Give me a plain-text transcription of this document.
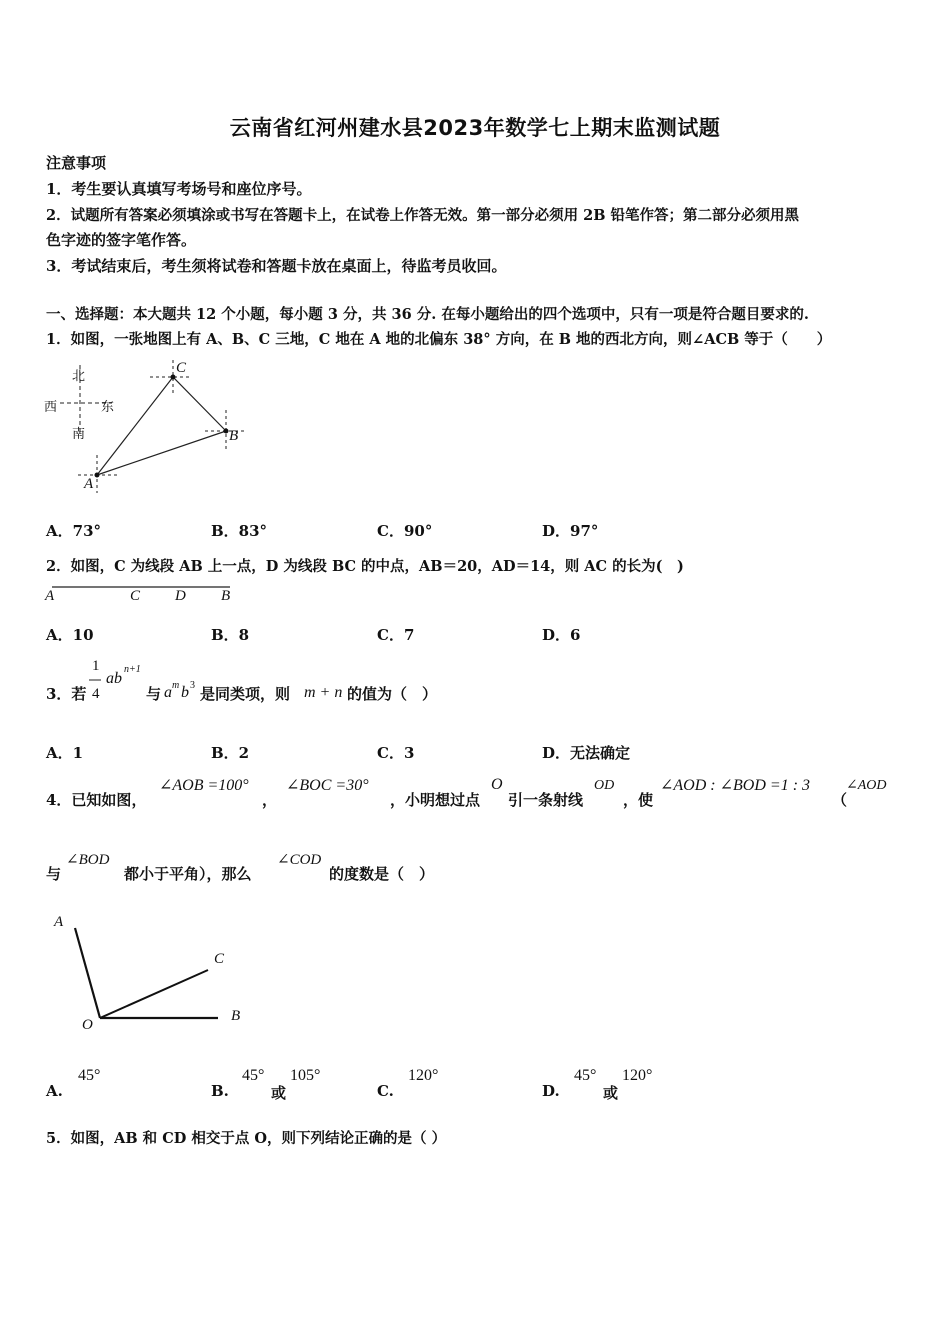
云南省红河州建水县2023年数学七上期末监测试题
注意事项
1．考生要认真填写考场号和座位序号。
2．试题所有答案必须填涂或书写在答题卡上，在试卷上作答无效。第一部分必须用 2B 铅笔作答；第二部分必须用黑
色字迹的签字笔作答。
3．考试结束后，考生须将试卷和答题卡放在桌面上，待监考员收回。
一、选择题：本大题共 12 个小题，每小题 3 分，共 36 分. 在每小题给出的四个选项中，只有一项是符合题目要求的.
1．如图，一张地图上有 A、B、C 三地，C 地在 A 地的北偏东 38° 方向，在 B 地的西北方向，则∠ACB 等于（　　）
北
南
西	东
C
B
A
A．73°	B．83°	C．90°	D．97°
2．如图，C 为线段 AB 上一点，D 为线段 BC 的中点，AB＝20，AD＝14，则 AC 的长为(　)
A	C D B
A．10	B．8	C．7	D．6
3．若
1
4
ab
n+1
与 a m b 3 是同类项，则 m + n 的值为（　）
A．1	B．2	C．3	D．无法确定
4．已知如图，
∠AOB =100°
，
∠BOC =30°
，小明想过点
O
引一条射线
OD
，使
∠AOD : ∠BOD =1 : 3
（
∠AOD
与
∠BOD
都小于平角），那么
∠COD
的度数是（　）
A
O
B
C
A.
45°
B.
45°
或
105°
C.
120°
D.
45°
或
120°
5．如图，AB 和 CD 相交于点 O，则下列结论正确的是（ ）
